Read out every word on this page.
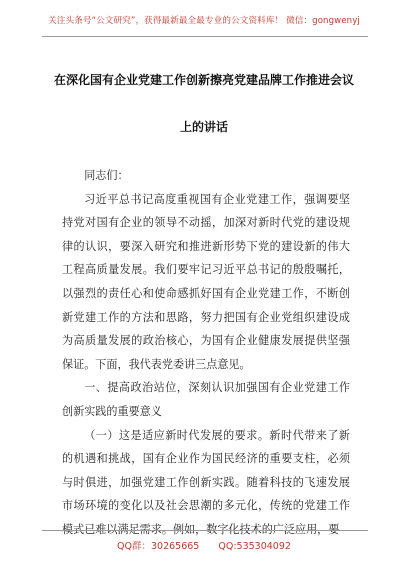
关注头条号“公文研究”，获得最新最全最专业的公文资料库！ 微信：gongwenyj
在深化国有企业党建工作创新擦亮党建品牌工作推进会议
上的讲话

同志们：

习近平总书记高度重视国有企业党建工作，强调要坚持党对国有企业的领导不动摇，加深对新时代党的建设规律的认识，要深入研究和推进新形势下党的建设新的伟大工程高质量发展。我们要牢记习近平总书记的殷殷嘱托，以强烈的责任心和使命感抓好国有企业党建工作，不断创新党建工作的方法和思路，努力把国有企业党组织建设成为高质量发展的政治核心，为国有企业健康发展提供坚强保证。下面，我代表党委讲三点意见。

一、提高政治站位，深刻认识加强国有企业党建工作创新实践的重要意义

（一）这是适应新时代发展的要求。新时代带来了新的机遇和挑战，国有企业作为国民经济的重要支柱，必须与时俱进，加强党建工作创新实践。随着科技的飞速发展市场环境的变化以及社会思潮的多元化，传统的党建工作模式已难以满足需求。例如，数字化技术的广泛应用，要

QQ群：30265665 QQ:535304092
